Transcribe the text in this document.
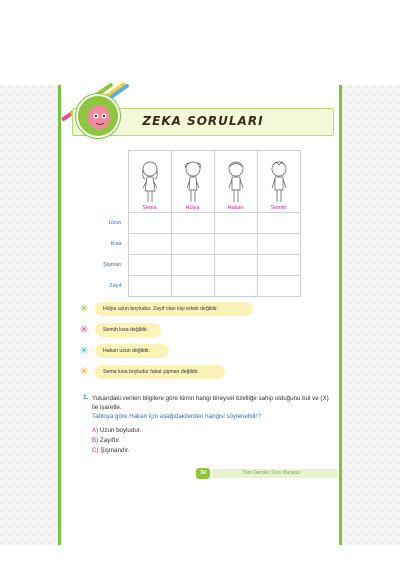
ZEKA SORULARI

	Sema	Hülya	Hakan	Semih

Uzun				
Kısa				
Şişman				
Zayıf				
✳	Hülya uzun boyludur. Zayıf olan kişi erkek değildir.
✳	Semih kısa değildir.
✳	Hakan uzun değildir.
✳	Sema kısa boyludur fakat şişman değildir.
1. Yukarıdaki verilen bilgilere göre kimin hangi bireysel özelliğe sahip olduğunu bul ve (X) ile işaretle.
Tabloya göre Hakan için aşağıdakilerden hangisi söylenebilir?
A) Uzun boyludur.
B) Zayıftır.
C) Şişmandır.
34	Tüm Dersler Soru Bankası
